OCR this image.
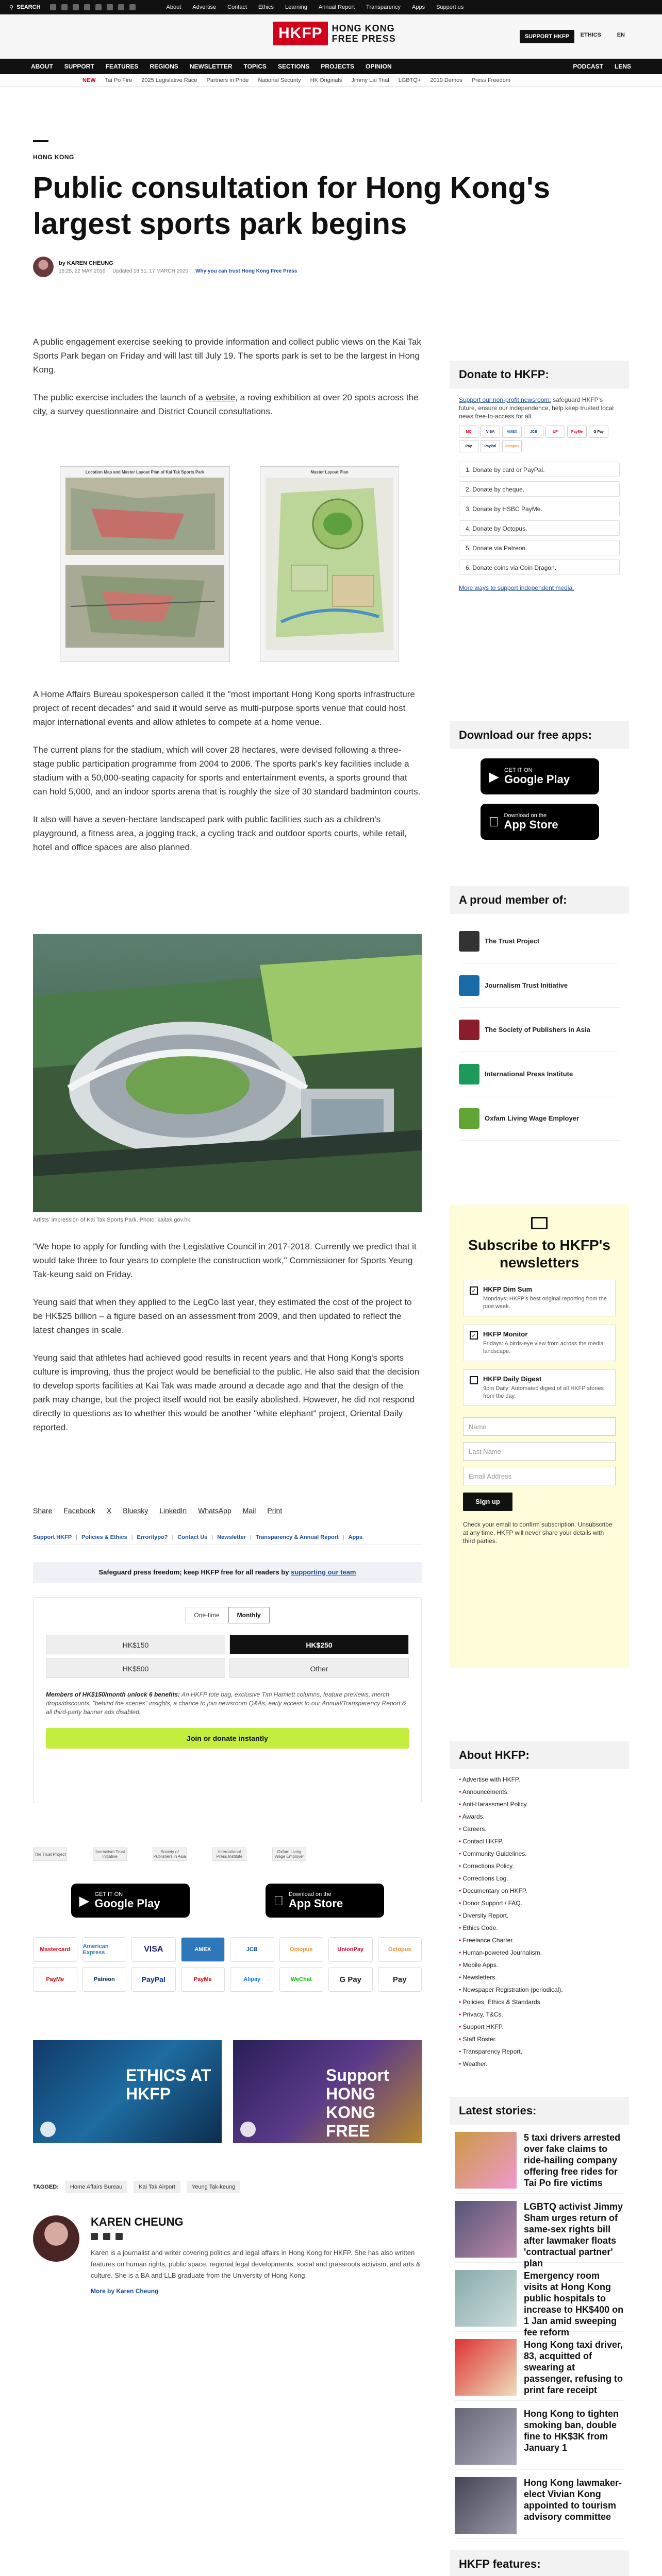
⚲ SEARCH	About Advertise Contact Ethics Learning Annual Report Transparency Apps Support us
HKFP	HONG KONG
FREE PRESS	SUPPORT HKFP	ETHICS	EN
ABOUT SUPPORT FEATURES REGIONS NEWSLETTER TOPICS SECTIONS PROJECTS OPINION	PODCAST LENS
NEW Tai Po Fire 2025 Legislative Race Partners in Pride National Security HK Originals Jimmy Lai Trial LGBTQ+ 2019 Demos Press Freedom
HONG KONG
Public consultation for Hong Kong's largest sports park begins
by KAREN CHEUNG
15:25, 22 MAY 2016 Updated 18:51, 17 MARCH 2020 Why you can trust Hong Kong Free Press

A public engagement exercise seeking to provide information and collect public views on the Kai Tak Sports Park began on Friday and will last till July 19. The sports park is set to be the largest in Hong Kong.

The public exercise includes the launch of a website, a roving exhibition at over 20 spots across the city, a survey questionnaire and District Council consultations.

Location Map and Master Layout Plan of Kai Tak Sports Park	Master Layout Plan

A Home Affairs Bureau spokesperson called it the "most important Hong Kong sports infrastructure project of recent decades" and said it would serve as multi-purpose sports venue that could host major international events and allow athletes to compete at a home venue.

The current plans for the stadium, which will cover 28 hectares, were devised following a three-stage public participation programme from 2004 to 2006. The sports park's key facilities include a stadium with a 50,000-seating capacity for sports and entertainment events, a sports ground that can hold 5,000, and an indoor sports arena that is roughly the size of 30 standard badminton courts.

It also will have a seven-hectare landscaped park with public facilities such as a children's playground, a fitness area, a jogging track, a cycling track and outdoor sports courts, while retail, hotel and office spaces are also planned.

Artists' impression of Kai Tak Sports Park. Photo: kaitak.gov.hk.

"We hope to apply for funding with the Legislative Council in 2017-2018. Currently we predict that it would take three to four years to complete the construction work," Commissioner for Sports Yeung Tak-keung said on Friday.

Yeung said that when they applied to the LegCo last year, they estimated the cost of the project to be HK$25 billion – a figure based on an assessment from 2009, and then updated to reflect the latest changes in scale.

Yeung said that athletes had achieved good results in recent years and that Hong Kong's sports culture is improving, thus the project would be beneficial to the public. He also said that the decision to develop sports facilities at Kai Tak was made around a decade ago and that the design of the park may change, but the project itself would not be easily abolished. However, he did not respond directly to questions as to whether this would be another "white elephant" project, Oriental Daily reported.

Share Facebook X Bluesky LinkedIn WhatsApp Mail Print
Support HKFP | Policies & Ethics | Error/typo? | Contact Us | Newsletter | Transparency & Annual Report | Apps
Safeguard press freedom; keep HKFP free for all readers by supporting our team
One-time	Monthly
HK$150	HK$250
HK$500	Other
Members of HK$150/month unlock 6 benefits: An HKFP tote bag, exclusive Tim Hamlett columns, feature previews, merch drops/discounts, "behind the scenes" insights, a chance to join newsroom Q&As, early access to our Annual/Transparency Report & all third-party banner ads disabled.
Join or donate instantly
The Trust Project	Journalism Trust Initiative
Society of Publishers in Asia
International Press Institute
Oxfam Living Wage Employer
▶ GET IT ON
Google Play
Download on the
App Store
Mastercard	American Express	VISA	AMEX	JCB	Octopus	UnionPay	Octopus
PayMe	Patreon	PayPal	PayMe	Alipay	WeChat	G Pay	Pay
ETHICS AT HKFP
Support HONG KONG FREE PRESS
TAGGED:	Home Affairs Bureau	Kai Tak Airport	Yeung Tak-keung
KAREN CHEUNG
Karen is a journalist and writer covering politics and legal affairs in Hong Kong for HKFP. She has also written features on human rights, public space, regional legal developments, social and grassroots activism, and arts & culture. She is a BA and LLB graduate from the University of Hong Kong.
More by Karen Cheung
Donate to HKFP:
Support our non-profit newsroom: safeguard HKFP's future, ensure our independence, help keep trusted local news free-to-access for all.
MC	VISA	AMEX	JCB	UP	PayMe	G Pay
Pay	PayPal	Octopus
1. Donate by card or PayPal.
2. Donate by cheque.
3. Donate by HSBC PayMe.
4. Donate by Octopus.
5. Donate via Patreon.
6. Donate coins via Coin Dragon.
More ways to support independent media.
Download our free apps:
▶ GET IT ON
Google Play
Download on the
App Store
A proud member of:
The Trust Project
Journalism Trust Initiative
The Society of Publishers in Asia
International Press Institute
Oxfam Living Wage Employer
Subscribe to HKFP's newsletters
✓ HKFP Dim Sum
Mondays: HKFP's best original reporting from the past week.
✓ HKFP Monitor
Fridays: A birds-eye view from across the media landscape.
HKFP Daily Digest
9pm Daily: Automated digest of all HKFP stories from the day.
Name
Last Name
Email Address
Sign up
Check your email to confirm subscription. Unsubscribe at any time. HKFP will never share your details with third parties.
About HKFP:
• Advertise with HKFP.
• Announcements.
• Anti-Harassment Policy.
• Awards.
• Careers.
• Contact HKFP.
• Community Guidelines.
• Corrections Policy.
• Corrections Log.
• Documentary on HKFP.
• Donor Support / FAQ.
• Diversity Report.
• Ethics Code.
• Freelance Charter.
• Human-powered Journalism.
• Mobile Apps.
• Newsletters.
• Newspaper Registration (periodical).
• Policies, Ethics & Standards.
• Privacy, T&Cs.
• Support HKFP.
• Staff Roster.
• Transparency Report.
• Weather.
Latest stories:
5 taxi drivers arrested over fake claims to ride-hailing company offering free rides for Tai Po fire victims
LGBTQ activist Jimmy Sham urges return of same-sex rights bill after lawmaker floats 'contractual partner' plan
Emergency room visits at Hong Kong public hospitals to increase to HK$400 on 1 Jan amid sweeping fee reform
Hong Kong taxi driver, 83, acquitted of swearing at passenger, refusing to print fare receipt
Hong Kong to tighten smoking ban, double fine to HK$3K from January 1
Hong Kong lawmaker-elect Vivian Kong appointed to tourism advisory committee
HKFP features:
